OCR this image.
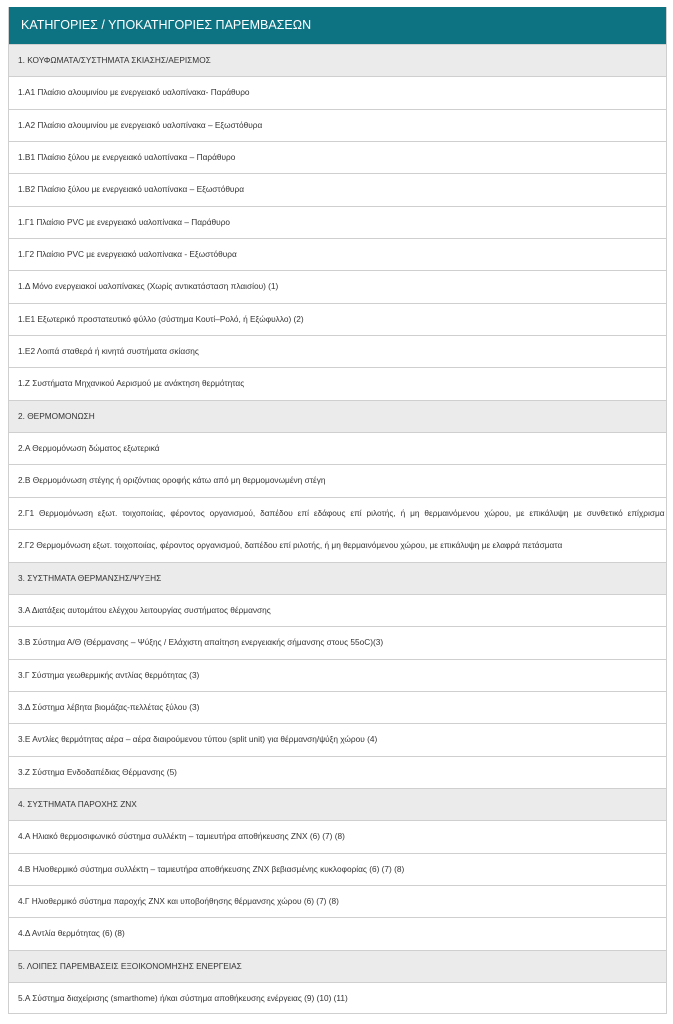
ΚΑΤΗΓΟΡΙΕΣ / ΥΠΟΚΑΤΗΓΟΡΙΕΣ ΠΑΡΕΜΒΑΣΕΩΝ
1. ΚΟΥΦΩΜΑΤΑ/ΣΥΣΤΗΜΑΤΑ ΣΚΙΑΣΗΣ/ΑΕΡΙΣΜΟΣ
1.Α1 Πλαίσιο αλουμινίου με ενεργειακό υαλοπίνακα- Παράθυρο
1.Α2 Πλαίσιο αλουμινίου με ενεργειακό υαλοπίνακα – Εξωστόθυρα
1.Β1 Πλαίσιο ξύλου με ενεργειακό υαλοπίνακα – Παράθυρο
1.Β2 Πλαίσιο ξύλου με ενεργειακό υαλοπίνακα – Εξωστόθυρα
1.Γ1 Πλαίσιο PVC με ενεργειακό υαλοπίνακα – Παράθυρο
1.Γ2 Πλαίσιο PVC με ενεργειακό υαλοπίνακα - Εξωστόθυρα
1.Δ Μόνο ενεργειακοί υαλοπίνακες (Χωρίς αντικατάσταση πλαισίου) (1)
1.Ε1 Εξωτερικό προστατευτικό φύλλο (σύστημα Κουτί–Ρολό, ή Εξώφυλλο) (2)
1.Ε2 Λοιπά σταθερά ή κινητά συστήματα σκίασης
1.Ζ Συστήματα Μηχανικού Αερισμού με ανάκτηση θερμότητας
2. ΘΕΡΜΟΜΟΝΩΣΗ
2.Α Θερμομόνωση δώματος εξωτερικά
2.Β Θερμομόνωση στέγης ή οριζόντιας οροφής κάτω από μη θερμομονωμένη στέγη
2.Γ1 Θερμομόνωση εξωτ. τοιχοποιίας, φέροντος οργανισμού, δαπέδου επί εδάφους επί pιλοτής, ή μη θερμαινόμενου χώρου, με επικάλυψη με συνθετικό επίχρισμα
2.Γ2 Θερμομόνωση εξωτ. τοιχοποιίας, φέροντος οργανισμού, δαπέδου επί pιλοτής, ή μη θερμαινόμενου χώρου, με επικάλυψη με ελαφρά πετάσματα
3. ΣΥΣΤΗΜΑΤΑ ΘΕΡΜΑΝΣΗΣ/ΨΥΞΗΣ
3.Α Διατάξεις αυτομάτου ελέγχου λειτουργίας συστήματος θέρμανσης
3.Β Σύστημα Α/Θ (Θέρμανσης – Ψύξης / Ελάχιστη απαίτηση ενεργειακής σήμανσης στους 55oC)(3)
3.Γ Σύστημα γεωθερμικής αντλίας θερμότητας (3)
3.Δ Σύστημα λέβητα βιομάζας-πελλέτας ξύλου (3)
3.Ε Αντλίες θερμότητας αέρα – αέρα διαιρούμενου τύπου (split unit) για θέρμανση/ψύξη χώρου (4)
3.Ζ Σύστημα Ενδοδαπέδιας Θέρμανσης (5)
4. ΣΥΣΤΗΜΑΤΑ ΠΑΡΟΧΗΣ ΖΝΧ
4.Α Ηλιακό θερμοσιφωνικό σύστημα συλλέκτη – ταμιευτήρα αποθήκευσης ΖΝΧ (6) (7) (8)
4.Β Ηλιοθερμικό σύστημα συλλέκτη – ταμιευτήρα αποθήκευσης ΖΝΧ βεβιασμένης κυκλοφορίας (6) (7) (8)
4.Γ Ηλιοθερμικό σύστημα παροχής ΖΝΧ και υποβοήθησης θέρμανσης χώρου (6) (7) (8)
4.Δ Αντλία θερμότητας (6) (8)
5. ΛΟΙΠΕΣ ΠΑΡΕΜΒΑΣΕΙΣ ΕΞΟΙΚΟΝΟΜΗΣΗΣ ΕΝΕΡΓΕΙΑΣ
5.Α Σύστημα διαχείρισης (smarthome) ή/και σύστημα αποθήκευσης ενέργειας (9) (10) (11)
